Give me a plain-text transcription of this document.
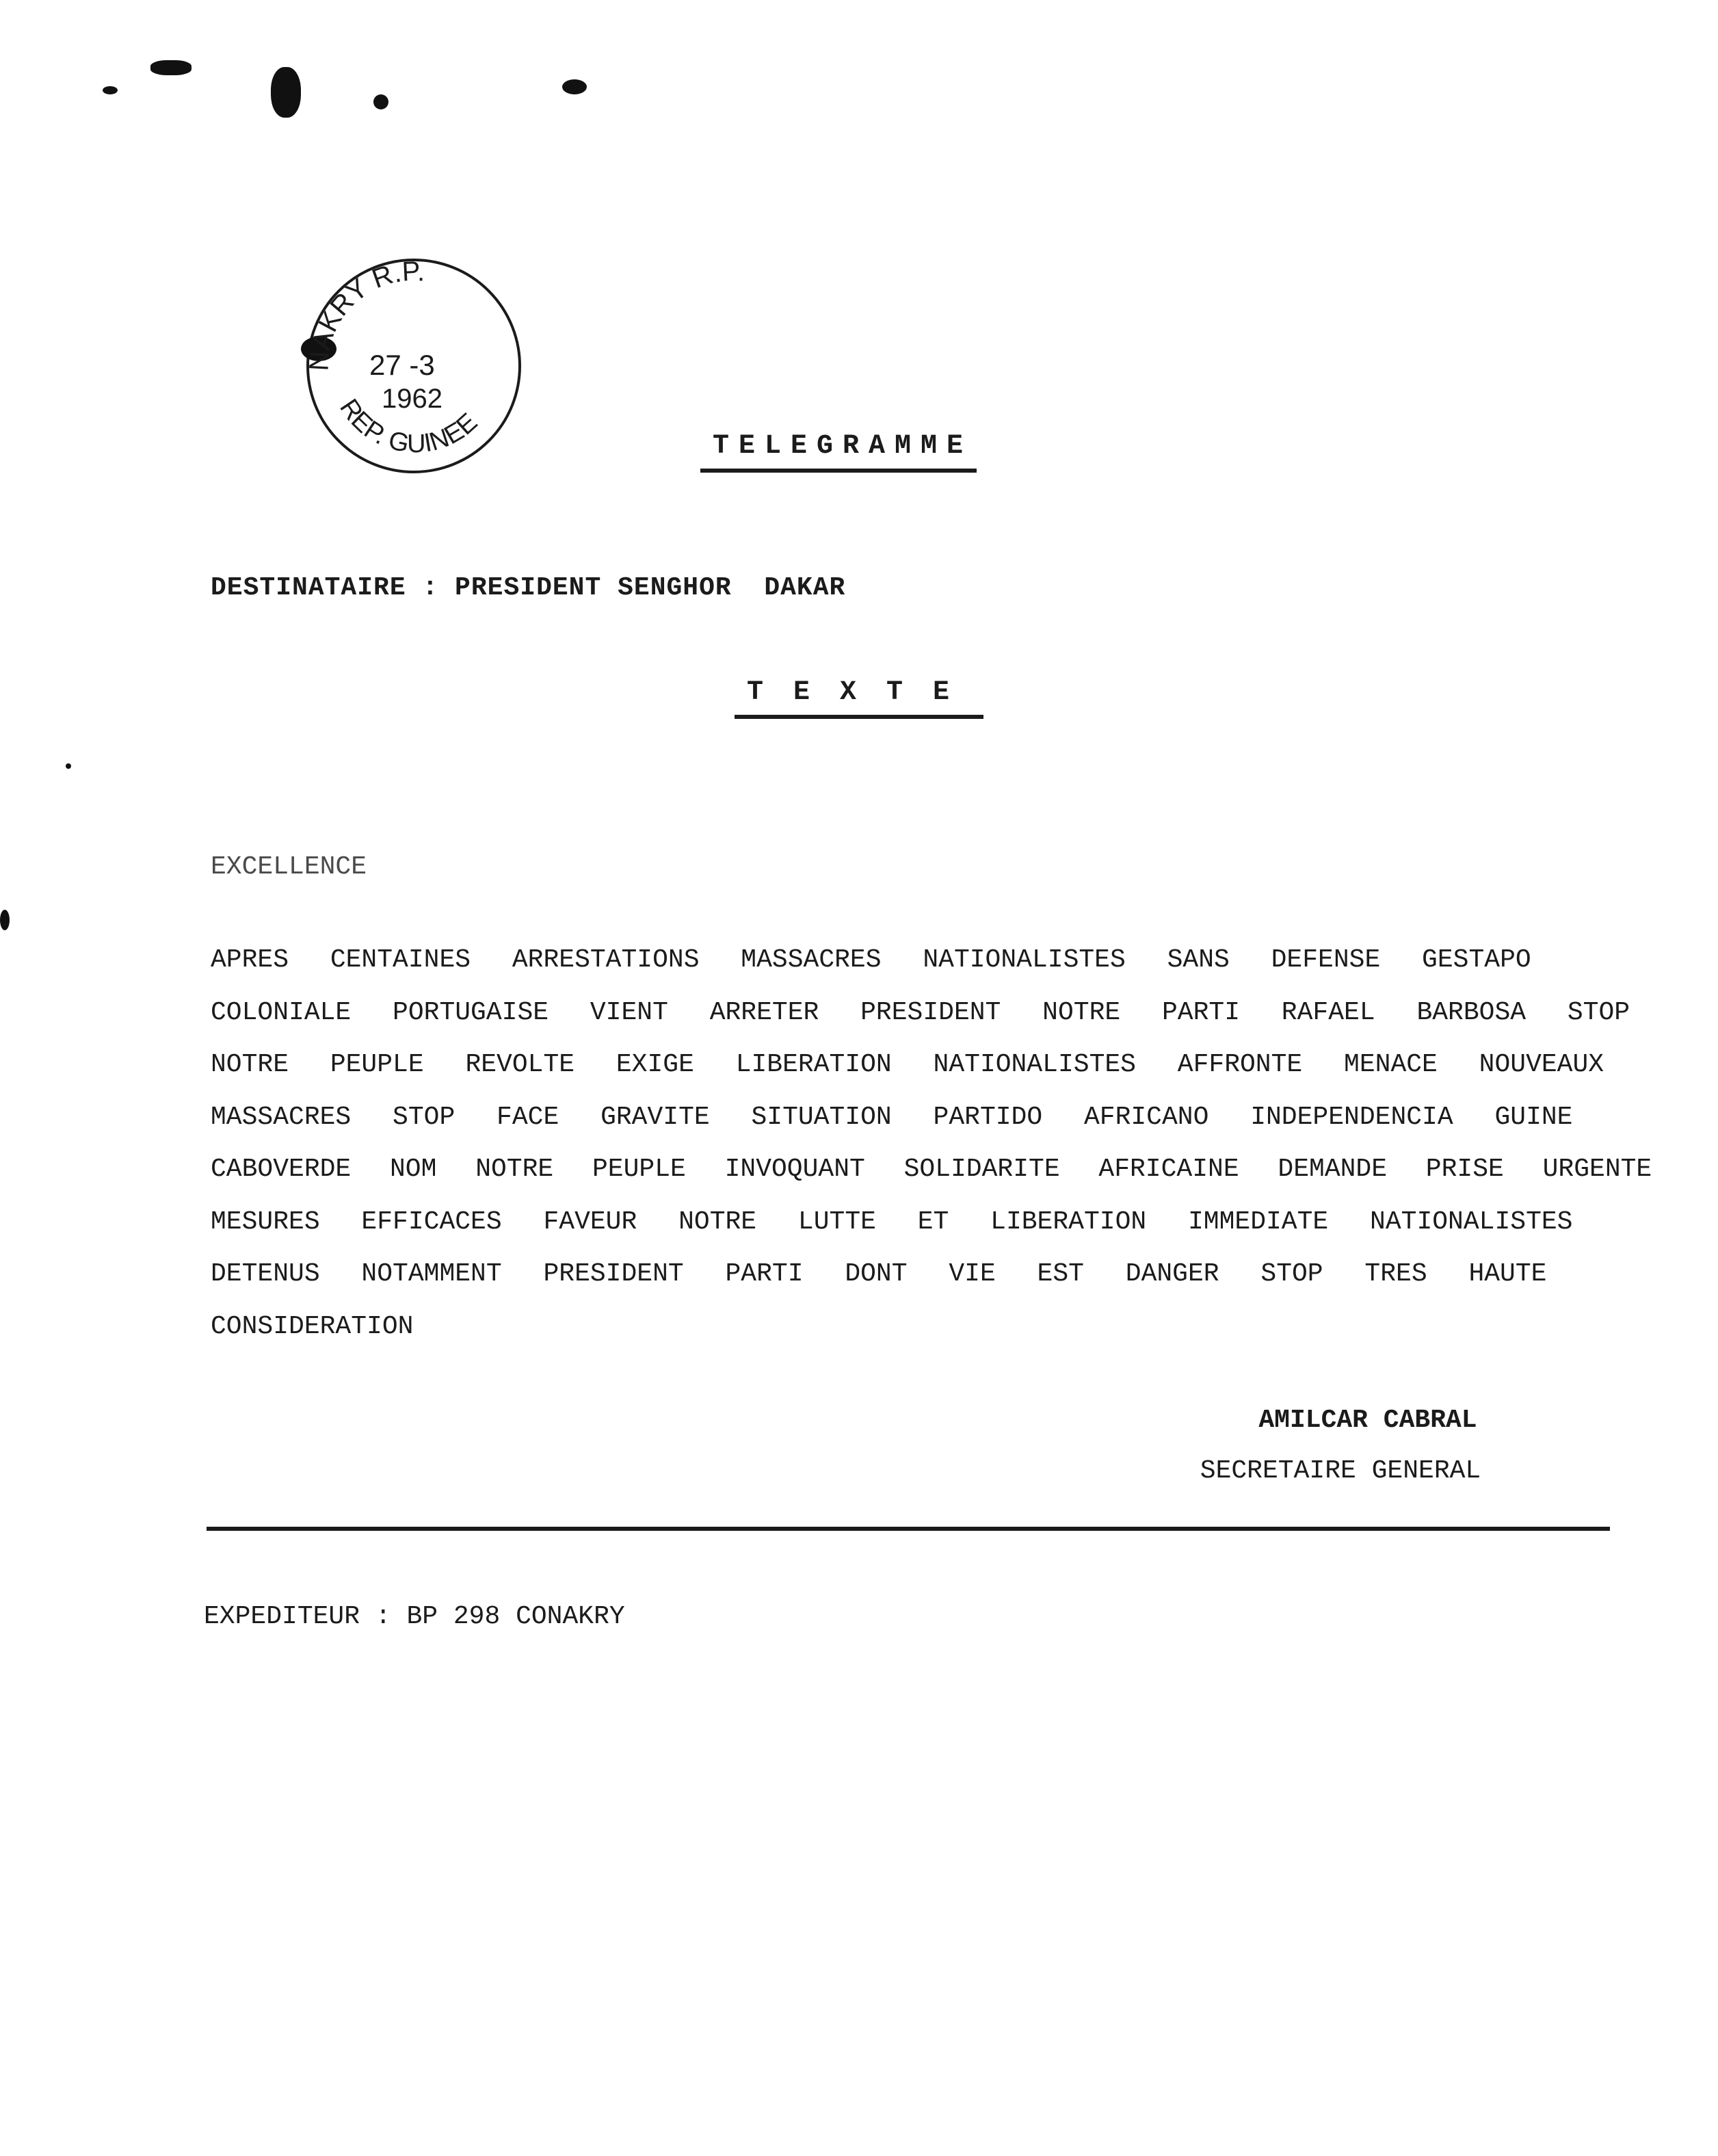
NAKRY R.P.
27 -3
1962
REP. GUINEE
TELEGRAMME
DESTINATAIRE : PRESIDENT SENGHOR  DAKAR
TEXTE
EXCELLENCE
APRES CENTAINES ARRESTATIONS MASSACRES NATIONALISTES SANS DEFENSE GESTAPO
COLONIALE PORTUGAISE VIENT ARRETER PRESIDENT NOTRE PARTI RAFAEL BARBOSA STOP
NOTRE PEUPLE REVOLTE EXIGE LIBERATION NATIONALISTES AFFRONTE MENACE NOUVEAUX
MASSACRES STOP FACE GRAVITE SITUATION PARTIDO AFRICANO INDEPENDENCIA GUINE
CABOVERDE NOM NOTRE PEUPLE INVOQUANT SOLIDARITE AFRICAINE DEMANDE PRISE URGENTE
MESURES EFFICACES FAVEUR NOTRE LUTTE ET LIBERATION IMMEDIATE NATIONALISTES
DETENUS NOTAMMENT PRESIDENT PARTI DONT VIE EST DANGER STOP TRES HAUTE
CONSIDERATION
AMILCAR CABRAL
SECRETAIRE GENERAL
EXPEDITEUR : BP 298 CONAKRY
